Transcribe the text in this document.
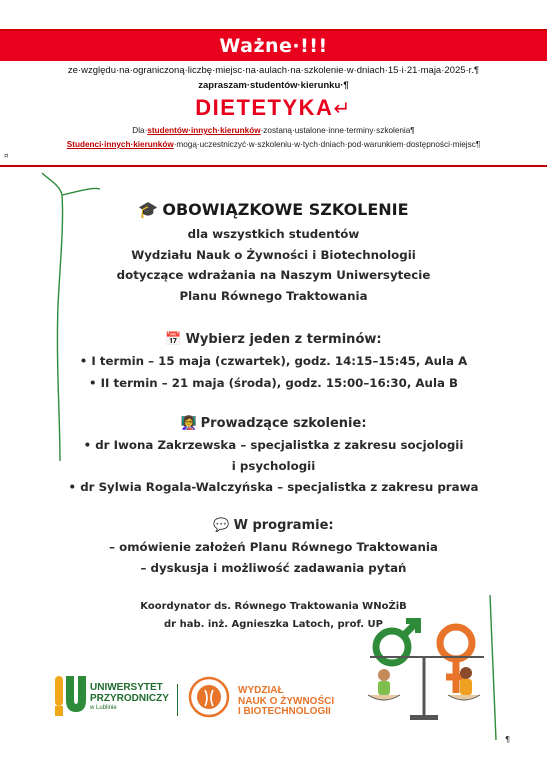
Ważne·!!!
ze·względu·na·ograniczoną·liczbę·miejsc·na·aulach·na·szkolenie·w·dniach·15·i·21·maja·2025·r.¶
zapraszam·studentów·kierunku·¶
DIETETYKA↵
Dla·studentów·innych·kierunków·zostaną·ustalone·inne·terminy·szkolenia¶
Studenci·innych·kierunków·mogą·uczestniczyć·w·szkoleniu·w·tych·dniach·pod·warunkiem·dostępności·miejsc¶
¤
🎓 OBOWIĄZKOWE SZKOLENIE
dla wszystkich studentów
Wydziału Nauk o Żywności i Biotechnologii
dotyczące wdrażania na Naszym Uniwersytecie
Planu Równego Traktowania
📅 Wybierz jeden z terminów:
• I termin – 15 maja (czwartek), godz. 14:15–15:45, Aula A
• II termin – 21 maja (środa), godz. 15:00–16:30, Aula B
👩‍🏫 Prowadzące szkolenie:
• dr Iwona Zakrzewska – specjalistka z zakresu socjologii
i psychologii
• dr Sylwia Rogala-Walczyńska – specjalistka z zakresu prawa
💬 W programie:
– omówienie założeń Planu Równego Traktowania
– dyskusja i możliwość zadawania pytań
Koordynator ds. Równego Traktowania WNoŻiB
dr hab. inż. Agnieszka Latoch, prof. UP
UNIWERSYTET
PRZYRODNICZY
w Lublinie
WYDZIAŁ
NAUK O ŻYWNOŚCI
I BIOTECHNOLOGII
¶
